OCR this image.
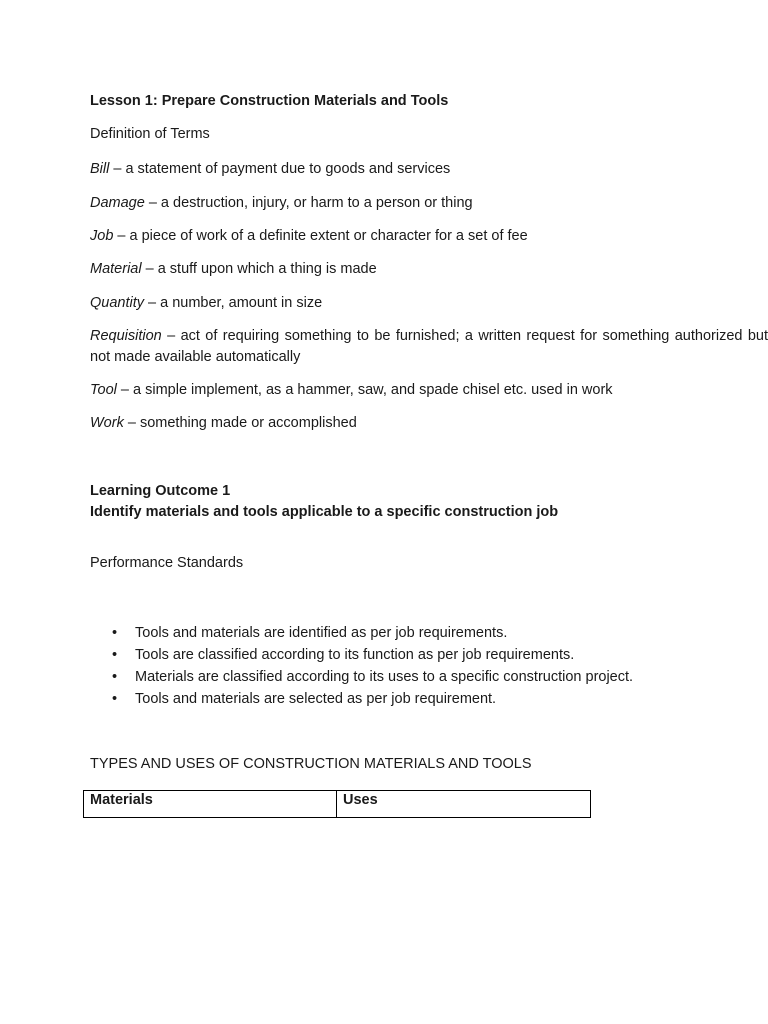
Lesson 1: Prepare Construction Materials and Tools
Definition of Terms
Bill – a statement of payment due to goods and services
Damage – a destruction, injury, or harm to a person or thing
Job – a piece of work of a definite extent or character for a set of fee
Material – a stuff upon which a thing is made
Quantity – a number, amount in size
Requisition – act of requiring something to be furnished; a written request for something authorized but not made available automatically
Tool – a simple implement, as a hammer, saw, and spade chisel etc. used in work
Work – something made or accomplished
Learning Outcome 1
Identify materials and tools applicable to a specific construction job
Performance Standards
• Tools and materials are identified as per job requirements.
• Tools are classified according to its function as per job requirements.
• Materials are classified according to its uses to a specific construction project.
• Tools and materials are selected as per job requirement.
TYPES AND USES OF CONSTRUCTION MATERIALS AND TOOLS
Materials	Uses
